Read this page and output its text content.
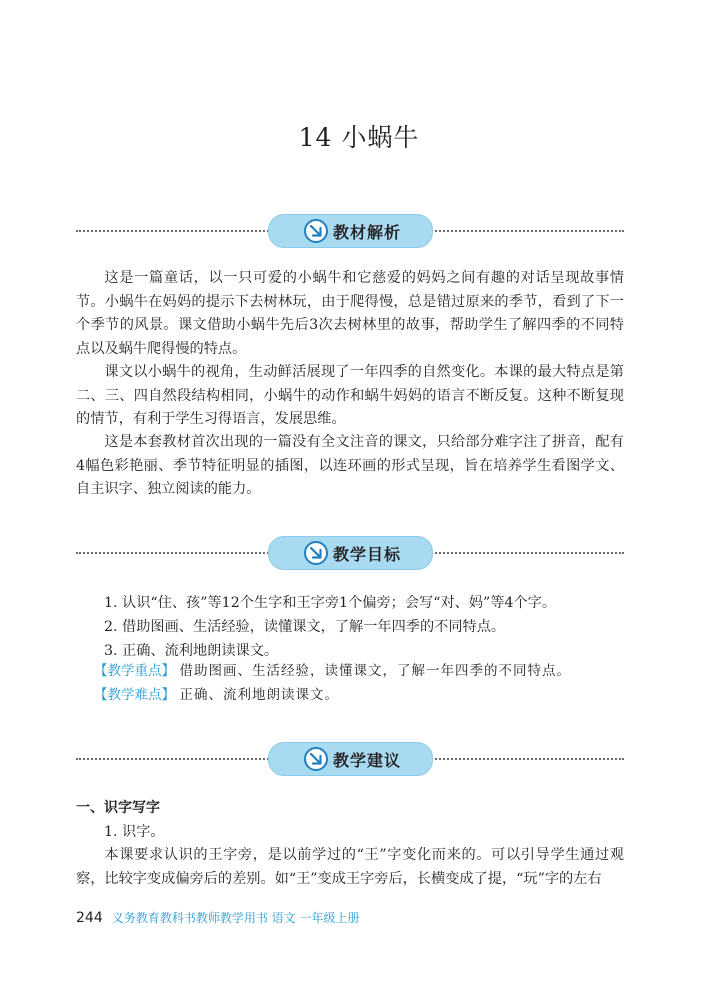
14 小蜗牛
教材解析

这是一篇童话，以一只可爱的小蜗牛和它慈爱的妈妈之间有趣的对话呈现故事情节。小蜗牛在妈妈的提示下去树林玩，由于爬得慢，总是错过原来的季节，看到了下一个季节的风景。课文借助小蜗牛先后3次去树林里的故事，帮助学生了解四季的不同特点以及蜗牛爬得慢的特点。

课文以小蜗牛的视角，生动鲜活展现了一年四季的自然变化。本课的最大特点是第二、三、四自然段结构相同，小蜗牛的动作和蜗牛妈妈的语言不断反复。这种不断复现的情节，有利于学生习得语言，发展思维。

这是本套教材首次出现的一篇没有全文注音的课文，只给部分难字注了拼音，配有4幅色彩艳丽、季节特征明显的插图，以连环画的形式呈现，旨在培养学生看图学文、自主识字、独立阅读的能力。

教学目标
1. 认识“住、孩”等12个生字和王字旁1个偏旁；会写“对、妈”等4个字。
2. 借助图画、生活经验，读懂课文，了解一年四季的不同特点。
3. 正确、流利地朗读课文。
【教学重点】 借助图画、生活经验，读懂课文，了解一年四季的不同特点。
【教学难点】 正确、流利地朗读课文。
教学建议
一、识字写字
1. 识字。

本课要求认识的王字旁，是以前学过的“王”字变化而来的。可以引导学生通过观察，比较字变成偏旁后的差别。如“王”变成王字旁后，长横变成了提，“玩”字的左右

244 义务教育教科书教师教学用书 语文 一年级上册
